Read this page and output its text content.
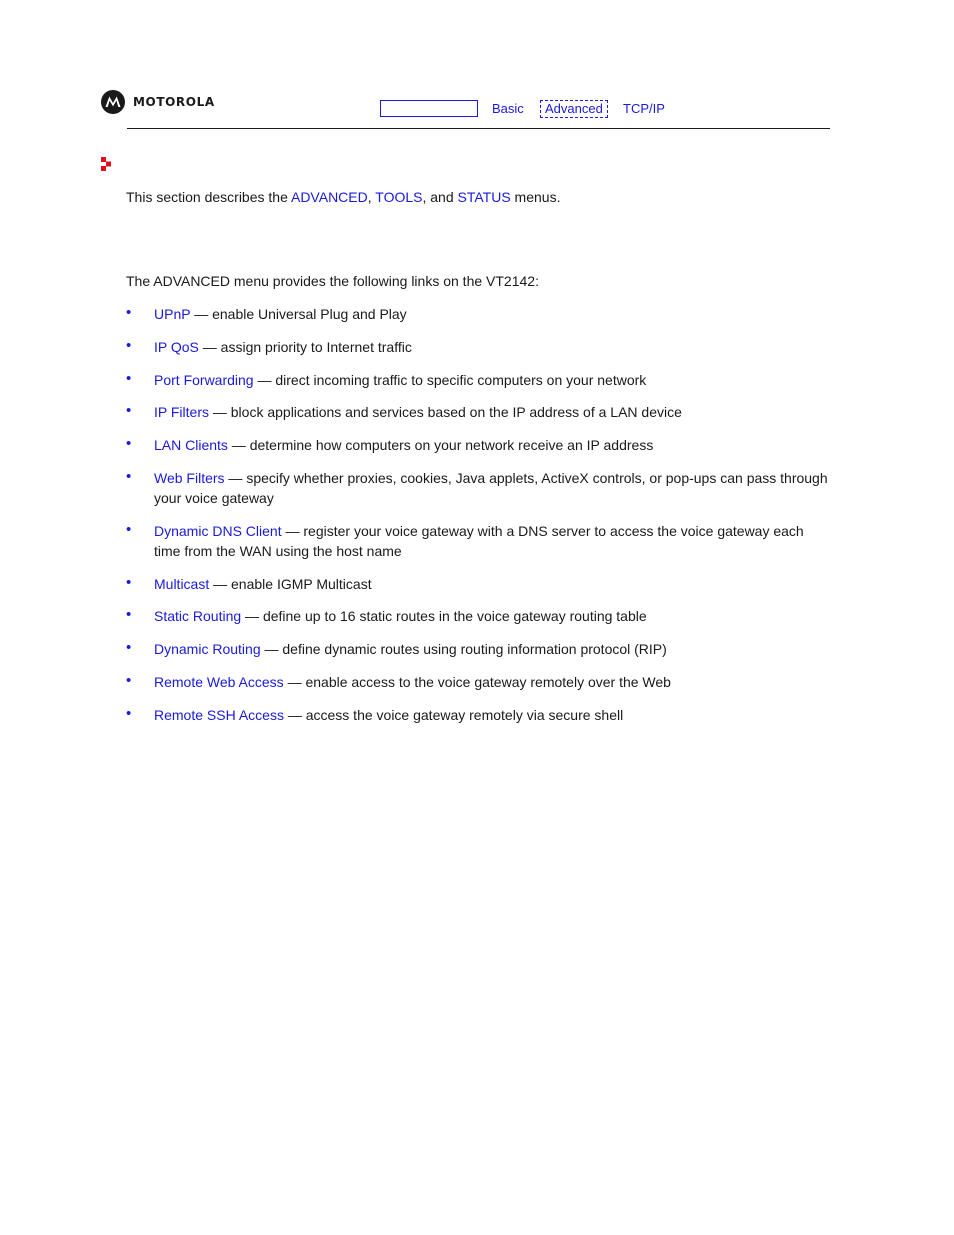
MOTOROLA	Basic	Advanced	TCP/IP

This section describes the ADVANCED, TOOLS, and STATUS menus.

The ADVANCED menu provides the following links on the VT2142:

• UPnP — enable Universal Plug and Play
• IP QoS — assign priority to Internet traffic
• Port Forwarding — direct incoming traffic to specific computers on your network
• IP Filters — block applications and services based on the IP address of a LAN device
• LAN Clients — determine how computers on your network receive an IP address
• Web Filters — specify whether proxies, cookies, Java applets, ActiveX controls, or pop-ups can pass through your voice gateway
• Dynamic DNS Client — register your voice gateway with a DNS server to access the voice gateway each time from the WAN using the host name
• Multicast — enable IGMP Multicast
• Static Routing — define up to 16 static routes in the voice gateway routing table
• Dynamic Routing — define dynamic routes using routing information protocol (RIP)
• Remote Web Access — enable access to the voice gateway remotely over the Web
• Remote SSH Access — access the voice gateway remotely via secure shell
